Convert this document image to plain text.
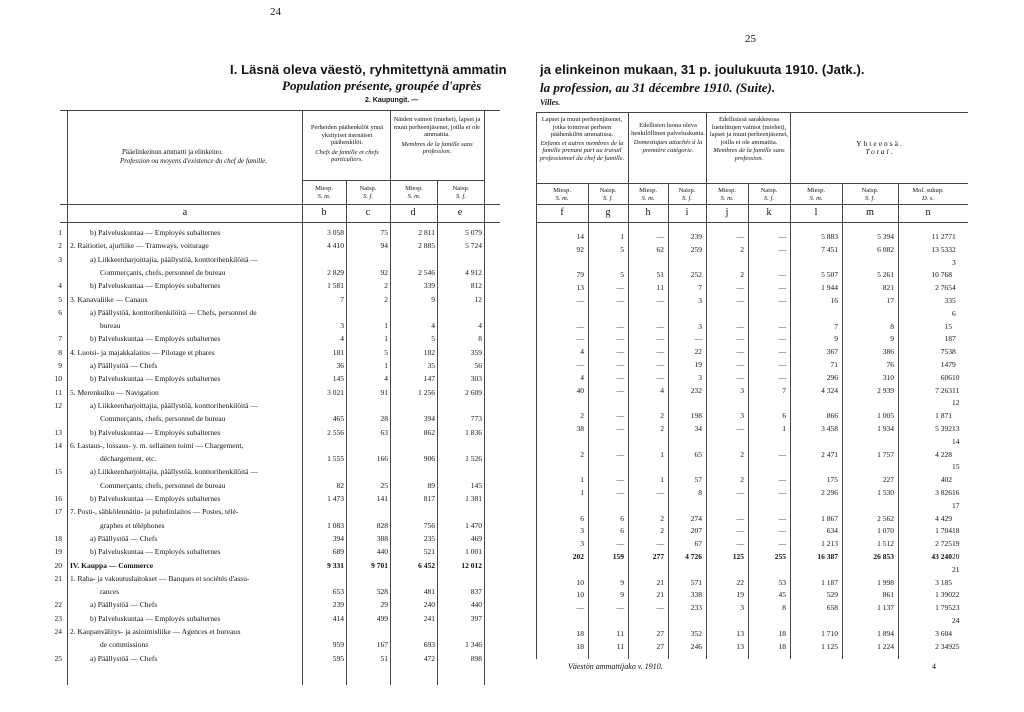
24
I. Läsnä oleva väestö, ryhmitettynä ammatin
Population présente, groupée d'après
2. Kaupungit. —
Pääelinkeinon ammatti ja elinkeino.
Profession ou moyens d'existence du chef de famille.
a
Perheiden päähenkilöt ynnä yksityiset itsenäiset päähenkilöt.
Chefs de famille et chefs particuliers.
Näiden vaimot (miehet), lapset ja muut perheenjäsenet, joilla ei ole ammattia.
Membres de la famille sans profession.
Miesp.
S. m.
Naisp.
S. f.
Miesp.
S. m.
Naisp.
S. f.
b	c	d	e
1	b) Palveluskuntaa — Employés subalternes	3 058	75	2 811	5 079
2 2. Raitiotiet, ajurliike — Tramways, voiturage	4 410	94	2 885	5 724
3	a) Liikkeenharjoittajia, päällystöä, konttorihenkilöitä —
Commerçants, chefs, personnel de bureau	2 829	92	2 546	4 912
4	b) Palveluskuntaa — Employés subalternes	1 581	2	339	812
5 3. Kanavaliike — Canaux	7	2	9	12
6	a) Päällystöä, konttorihenkilöitä — Chefs, personnel de
bureau	3	1	4	4
7	b) Palveluskuntaa — Employés subalternes	4	1	5	8
8 4. Luotsi- ja majakkalaitos — Pilotage et phares	181	5	182	359
9	a) Päällystöä — Chefs	36	1	35	56
10	b) Palveluskuntaa — Employés subalternes	145	4	147	303
11 5. Merenkulku — Navigation	3 021	91	1 256	2 609
12	a) Liikkeenharjoittajia, päällystöä, konttorihenkilöitä —
Commerçants, chefs, personnel de bureau	465	28	394	773
13	b) Palveluskuntaa — Employés subalternes	2 556	63	862	1 836
14 6. Lastaus-, lossaus- y. m. sellainen toimi — Chargement,
déchargement, etc.	1 555	166	906	1 526
15	a) Liikkeenharjoittajia, päällystöä, konttorihenkilöitä —
Commerçants, chefs, personnel de bureau	82	25	89	145
16	b) Palveluskuntaa — Employés subalternes	1 473	141	817	1 381
17 7. Posti-, sähkölennätin- ja puhelinlaitos — Postes, télé-
graphes et téléphones	1 083	828	756	1 470
18	a) Päällystöä — Chefs	394	388	235	469
19	b) Palveluskuntaa — Employés subalternes	689	440	521	1 001
20 IV. Kauppa — Commerce	9 331	9 701	6 452	12 012
21 1. Raha- ja vakuutuslaitokset — Banques et sociétés d'assu-
rances	653	528	481	837
22	a) Päällystöä — Chefs	239	29	240	440
23	b) Palveluskuntaa — Employés subalternes	414	499	241	397
24 2. Kaupanvälitys- ja asioimisliike — Agences et bureaux
de commissions	959	167	693	1 346
25	a) Päällystöä — Chefs	595	51	472	898
25
ja elinkeinon mukaan, 31 p. joulukuuta 1910. (Jatk.).
la profession, au 31 décembre 1910. (Suite).
Villes.
Lapset ja muut perheenjäsenet, jotka toimivat perheen päähenkilön ammatissa.
Enfants et autres membres de la famille prenant part au travail professionnel du chef de famille.
Edellisten luona oleva henkilöllinen palveluskunta.
Domestiques attachés à la première catégorie.
Edellisissä sarakkeessa luetelttujen vaimot (miehet), lapset ja muut perheenjäsenet, joilla ei ole ammattia.
Membres de la famille sans profession.
Yhteensä.
Total.
Miesp.
S. m.
Naisp.
S. f.
Miesp.
S. m.
Naisp.
S. f.
Miesp.
S. m.
Naisp.
S. f.
Miesp.
S. m.
Naisp.
S. f.
Mol. sukup.
D. s.
f	g	h	i	j	k	l	m	n
1
14	1	—	239	—	—	5 883	5 394	11 277
2
92	5	62	259	2	—	7 451	6 082	13 533
3
79	5	51	252	2	—	5 507	5 261	10 768
4
13	—	11	7	—	—	1 944	821	2 765
5
—	—	—	3	—	—	16	17	33
6
—	—	—	3	—	—	7	8	15
7
—	—	—	—	—	—	9	9	18
8
4	—	—	22	—	—	367	386	753
9
—	—	—	19	—	—	71	76	147
10
4	—	—	3	—	—	296	310	606
11
40	—	4	232	3	7	4 324	2 939	7 263
12
2	—	2	198	3	6	866	1 005	1 871
13
38	—	2	34	—	1	3 458	1 934	5 392
14
2	—	1	65	2	—	2 471	1 757	4 228
15
1	—	1	57	2	—	175	227	402
16
1	—	—	8	—	—	2 296	1 530	3 826
17
6	6	2	274	—	—	1 867	2 562	4 429
18
3	6	2	207	—	—	634	1 070	1 704
19
3	—	—	67	—	—	1 213	1 512	2 725
20
202	159	277	4 726	125	255	16 387	26 853	43 240
21
10	9	21	571	22	53	1 187	1 998	3 185
22
10	9	21	338	19	45	529	861	1 390
23
—	—	—	233	3	8	658	1 137	1 795
24
18	11	27	352	13	18	1 710	1 894	3 604
25
18	11	27	246	13	18	1 125	1 224	2 349
Väestön ammattijako v. 1910.	4
